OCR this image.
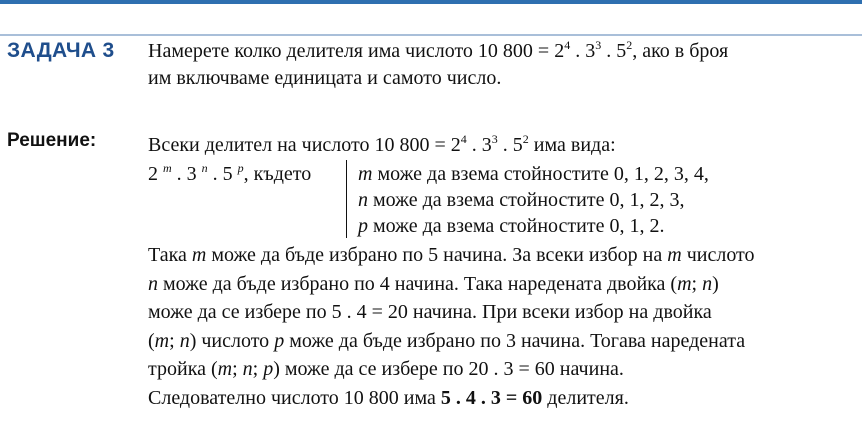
ЗАДАЧА 3 Намерете колко делителя има числото 10 $800 = 2^4$ . $3^3$ . $5^2$, ако в броя
им включваме единицата и самото число.
Решение:	Всеки делител на числото 10 $800 = 2^4$ . $3^3$ . $5^2$ има вида:
2 $^m$ . 3 $^n$ . 5 $^p$, където m може да взема стойностите 0, 1, 2, 3, 4,
n може да взема стойностите 0, 1, 2, 3,
p може да взема стойностите 0, 1, 2.

Така m може да бъде избрано по 5 начина. За всеки избор на m числото

n може да бъде избрано по 4 начина. Така наредената двойка (m; n)

може да се избере по 5 . 4 = 20 начина. При всеки избор на двойка

(m; n) числото p може да бъде избрано по 3 начина. Тогава наредената

тройка (m; n; p) може да се избере по 20 . 3 = 60 начина.

Следователно числото 10 800 има 5 . 4 . 3 = 60 делителя.
